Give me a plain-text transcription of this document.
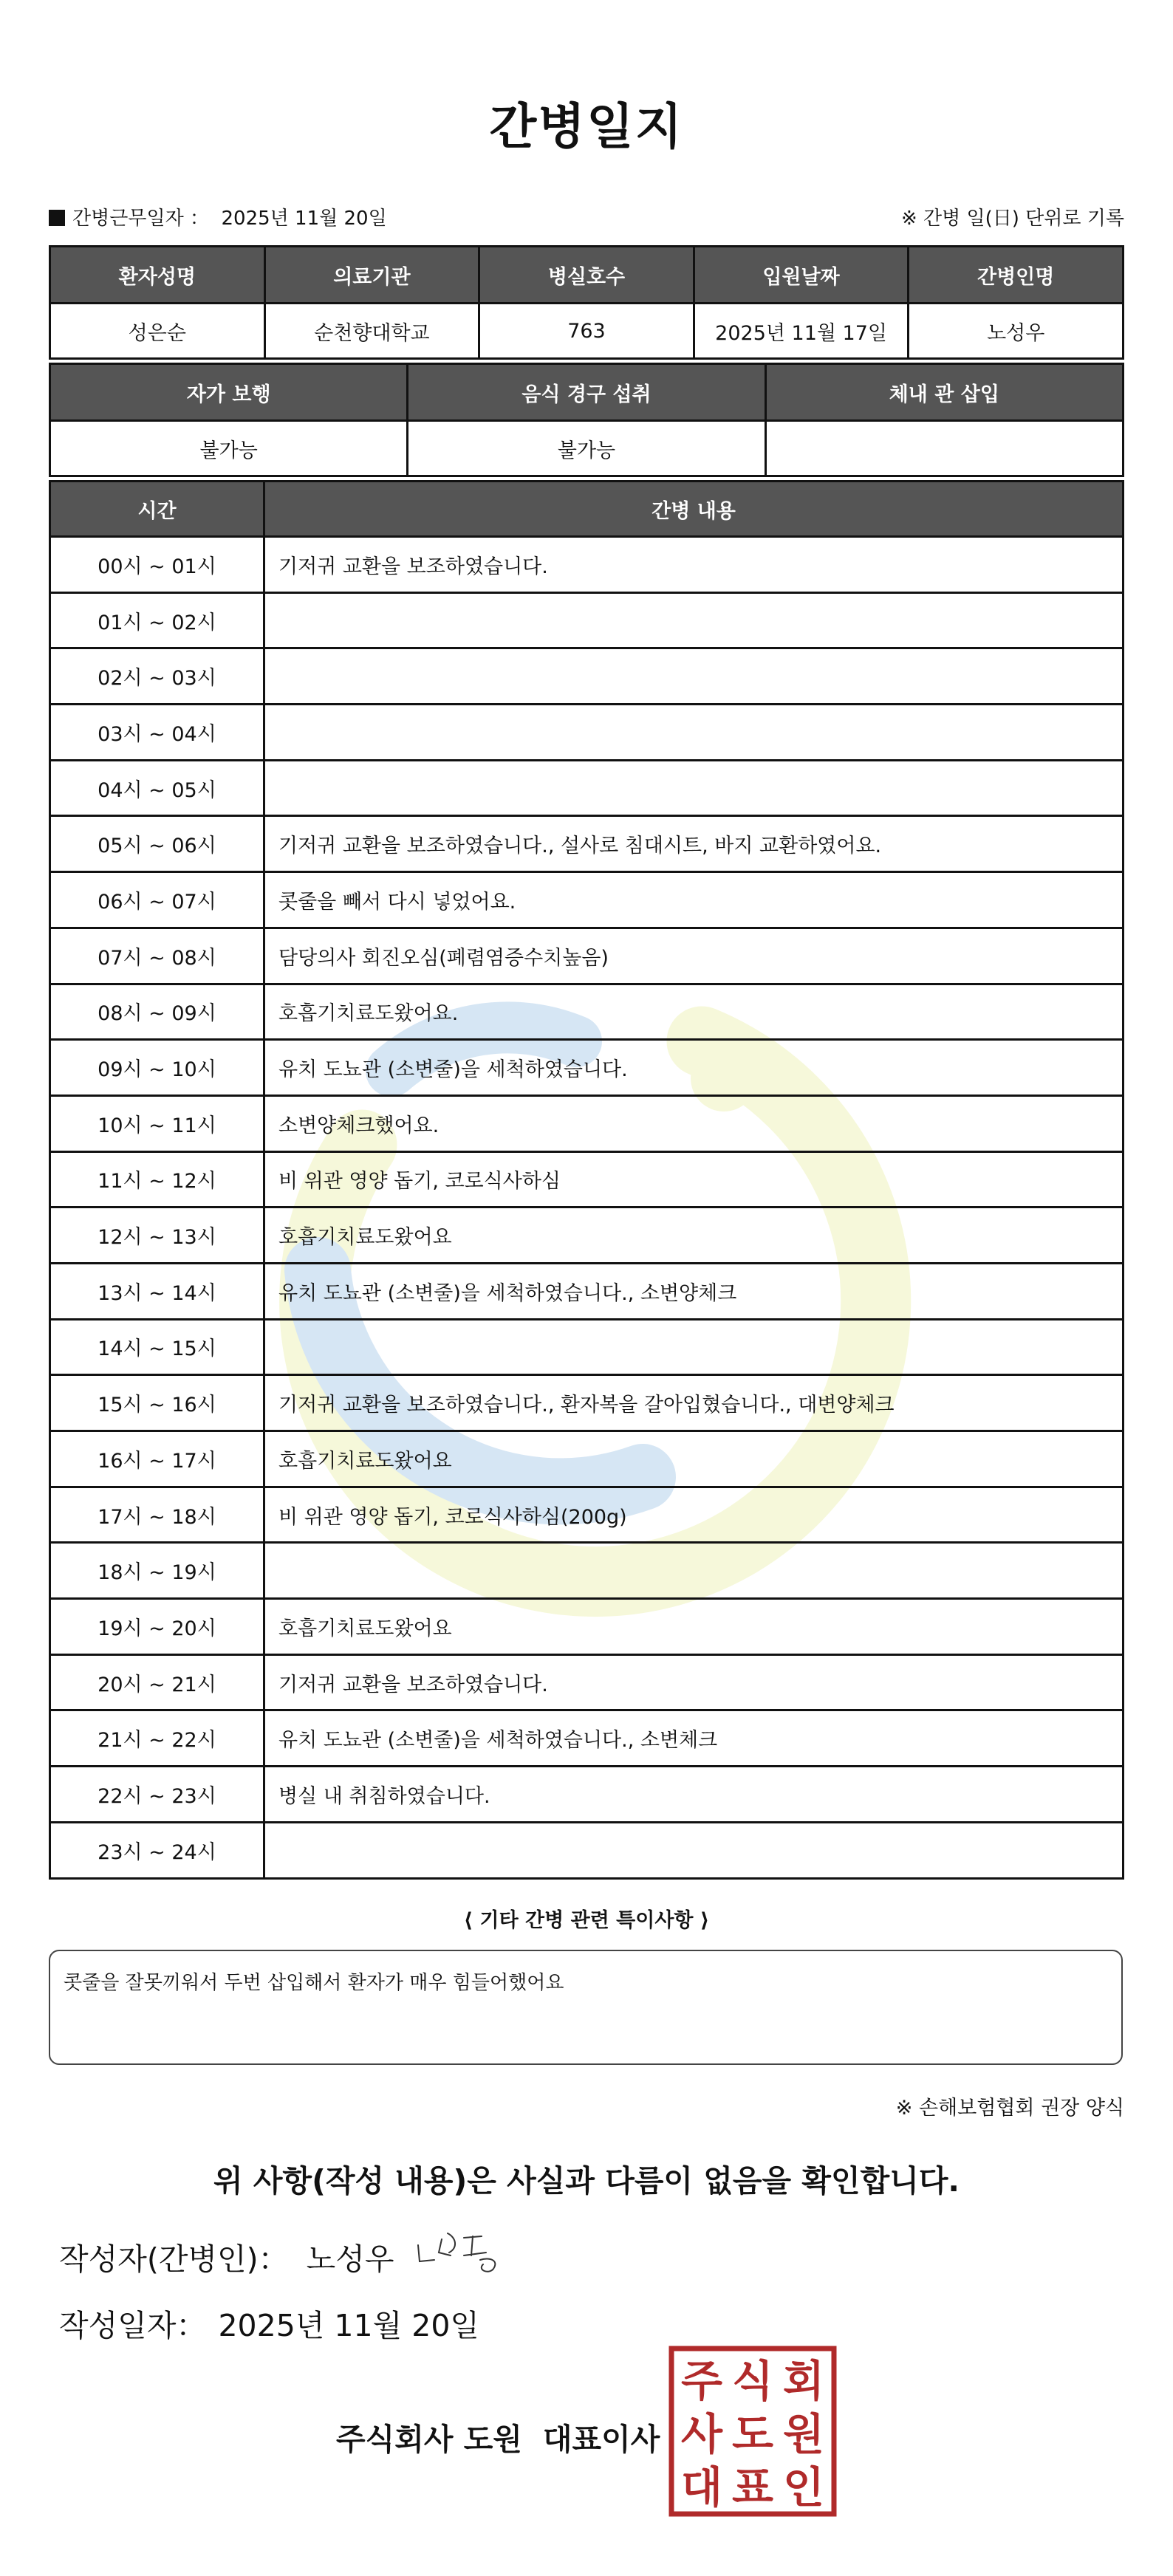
간병일지
간병근무일자 ： 2025년 11월 20일	※ 간병 일(日) 단위로 기록
환자성명	의료기관	병실호수	입원날짜	간병인명
성은순	순천향대학교	763	2025년 11월 17일	노성우
자가 보행	음식 경구 섭취	체내 관 삽입
불가능	불가능	
시간	간병 내용
00시 ~ 01시	기저귀 교환을 보조하였습니다.
01시 ~ 02시	
02시 ~ 03시	
03시 ~ 04시	
04시 ~ 05시	
05시 ~ 06시	기저귀 교환을 보조하였습니다., 설사로 침대시트, 바지 교환하였어요.
06시 ~ 07시	콧줄을 빼서 다시 넣었어요.
07시 ~ 08시	담당의사 회진오심(폐렴염증수치높음)
08시 ~ 09시	호흡기치료도왔어요.
09시 ~ 10시	유치 도뇨관 (소변줄)을 세척하였습니다.
10시 ~ 11시	소변양체크했어요.
11시 ~ 12시	비 위관 영양 돕기, 코로식사하심
12시 ~ 13시	호흡기치료도왔어요
13시 ~ 14시	유치 도뇨관 (소변줄)을 세척하였습니다., 소변양체크
14시 ~ 15시	
15시 ~ 16시	기저귀 교환을 보조하였습니다., 환자복을 갈아입혔습니다., 대변양체크
16시 ~ 17시	호흡기치료도왔어요
17시 ~ 18시	비 위관 영양 돕기, 코로식사하심(200g)
18시 ~ 19시	
19시 ~ 20시	호흡기치료도왔어요
20시 ~ 21시	기저귀 교환을 보조하였습니다.
21시 ~ 22시	유치 도뇨관 (소변줄)을 세척하였습니다., 소변체크
22시 ~ 23시	병실 내 취침하였습니다.
23시 ~ 24시	
⟨ 기타 간병 관련 특이사항 ⟩
콧줄을 잘못끼워서 두번 삽입해서 환자가 매우 힘들어했어요
※ 손해보험협회 권장 양식
위 사항(작성 내용)은 사실과 다름이 없음을 확인합니다.
작성자(간병인)： 노성우
작성일자： 2025년 11월 20일
주식회사 도원 대표이사
주 식 회
사 도 원
대 표 인
